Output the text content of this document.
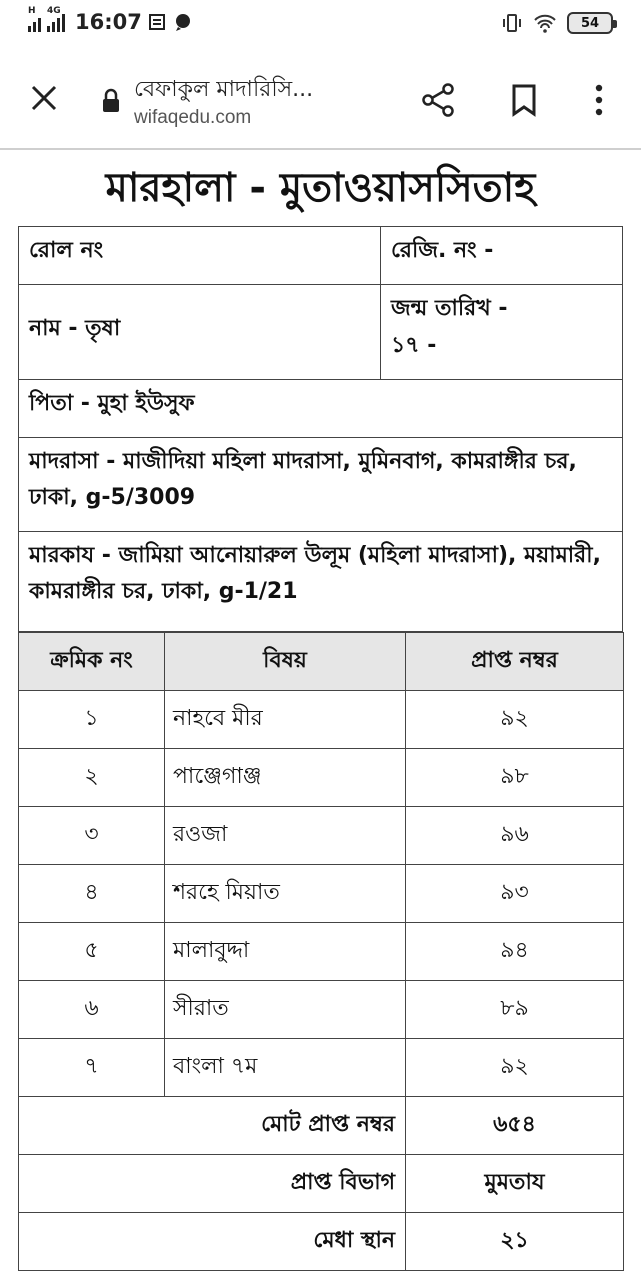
H 4G 16:07	54
বেফাকুল মাদারিসি...
wifaqedu.com
মারহালা - মুতাওয়াসসিতাহ
রোল নং	রেজি. নং -
নাম - তৃষা	জন্ম তারিখ -
১৭ -

পিতা - মুহা ইউসুফ	
মাদরাসা - মাজীদিয়া মহিলা মাদরাসা, মুমিনবাগ, কামরাঙ্গীর চর, ঢাকা, g-5/3009	
মারকায - জামিয়া আনোয়ারুল উলূম (মহিলা মাদরাসা), ময়ামারী, কামরাঙ্গীর চর, ঢাকা, g-1/21	
ক্রমিক নং	বিষয়	প্রাপ্ত নম্বর
১	নাহবে মীর	৯২
২	পাঞ্জেগাঞ্জ	৯৮
৩	রওজা	৯৬
৪	শরহে মিয়াত	৯৩
৫	মালাবুদ্দা	৯৪
৬	সীরাত	৮৯
৭	বাংলা ৭ম	৯২
মোট প্রাপ্ত নম্বর		৬৫৪
প্রাপ্ত বিভাগ		মুমতায
মেধা স্থান		২১
